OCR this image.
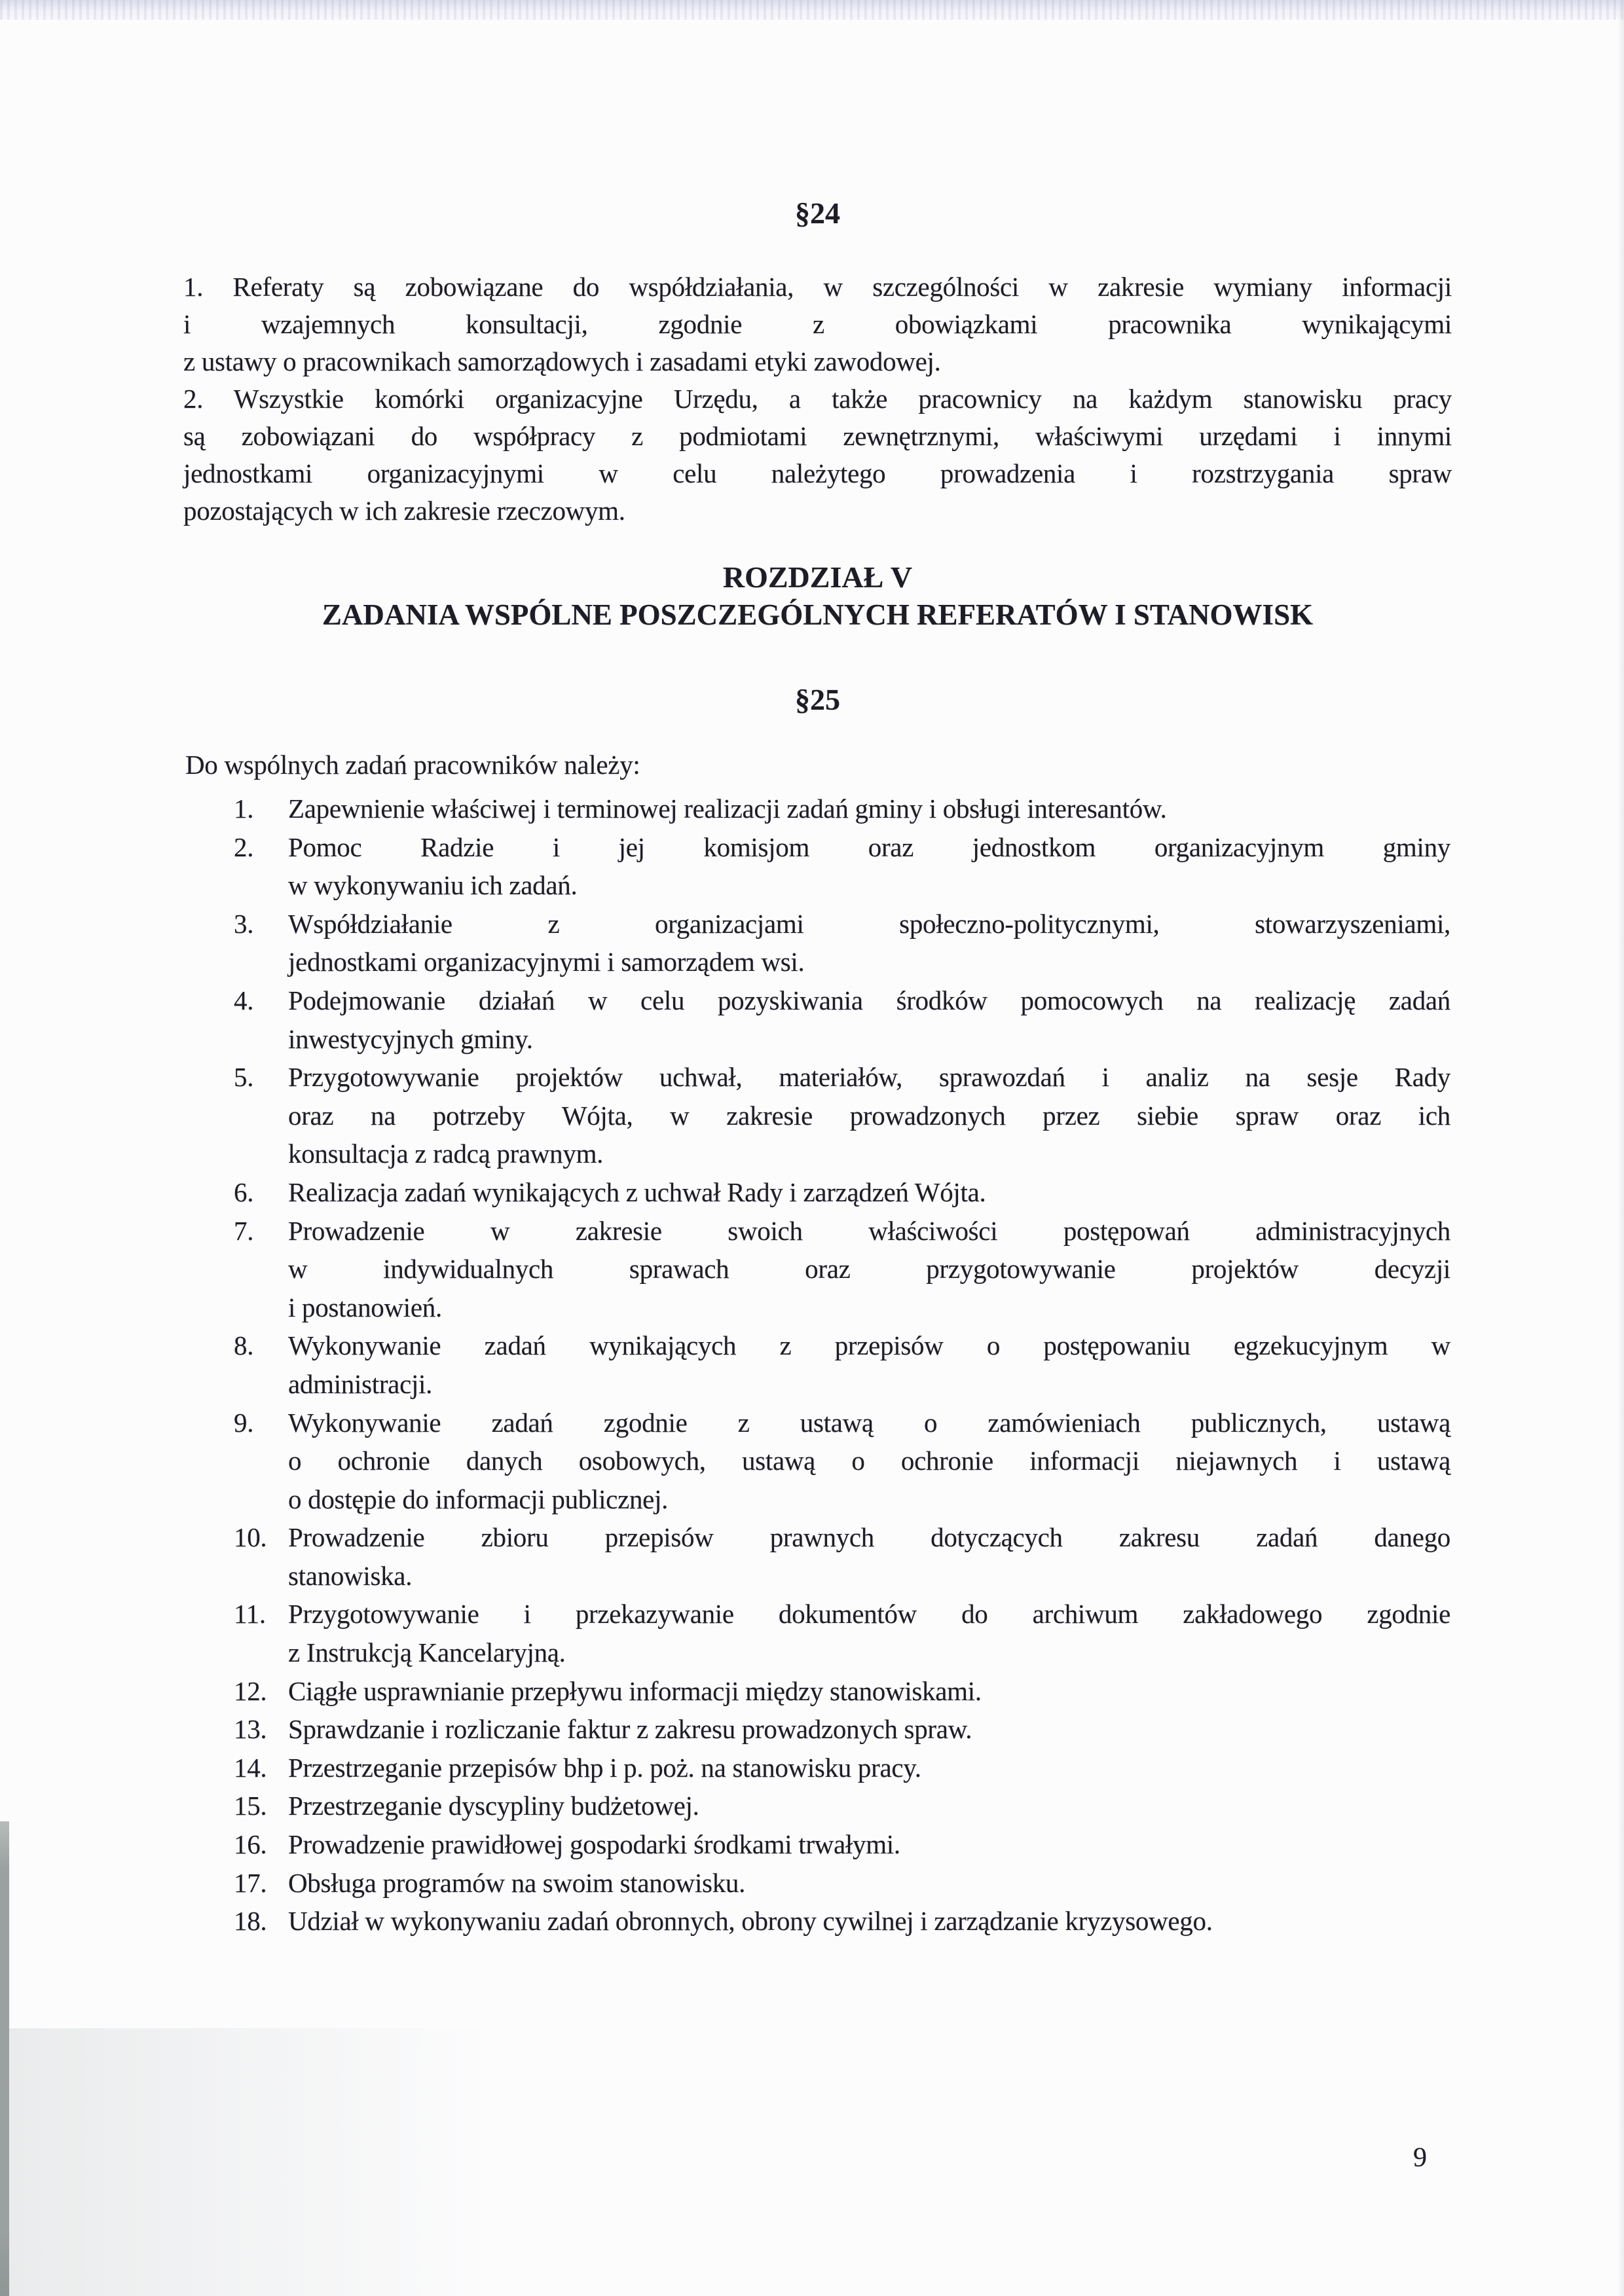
§24
1. Referaty są zobowiązane do współdziałania, w szczególności w zakresie wymiany informacji
i wzajemnych konsultacji, zgodnie z obowiązkami pracownika wynikającymi
z ustawy o pracownikach samorządowych i zasadami etyki zawodowej.
2. Wszystkie komórki organizacyjne Urzędu, a także pracownicy na każdym stanowisku pracy
są zobowiązani do współpracy z podmiotami zewnętrznymi, właściwymi urzędami i innymi
jednostkami organizacyjnymi w celu należytego prowadzenia i rozstrzygania spraw
pozostających w ich zakresie rzeczowym.
ROZDZIAŁ V
ZADANIA WSPÓLNE POSZCZEGÓLNYCH REFERATÓW I STANOWISK
§25
Do wspólnych zadań pracowników należy:
1. Zapewnienie właściwej i terminowej realizacji zadań gminy i obsługi interesantów.
2. Pomoc Radzie i jej komisjom oraz jednostkom organizacyjnym gminy
w wykonywaniu ich zadań.
3. Współdziałanie z organizacjami społeczno-politycznymi, stowarzyszeniami,
jednostkami organizacyjnymi i samorządem wsi.
4. Podejmowanie działań w celu pozyskiwania środków pomocowych na realizację zadań
inwestycyjnych gminy.
5. Przygotowywanie projektów uchwał, materiałów, sprawozdań i analiz na sesje Rady
oraz na potrzeby Wójta, w zakresie prowadzonych przez siebie spraw oraz ich
konsultacja z radcą prawnym.
6. Realizacja zadań wynikających z uchwał Rady i zarządzeń Wójta.
7. Prowadzenie w zakresie swoich właściwości postępowań administracyjnych
w indywidualnych sprawach oraz przygotowywanie projektów decyzji
i postanowień.
8. Wykonywanie zadań wynikających z przepisów o postępowaniu egzekucyjnym w
administracji.
9. Wykonywanie zadań zgodnie z ustawą o zamówieniach publicznych, ustawą
o ochronie danych osobowych, ustawą o ochronie informacji niejawnych i ustawą
o dostępie do informacji publicznej.
10. Prowadzenie zbioru przepisów prawnych dotyczących zakresu zadań danego
stanowiska.
11. Przygotowywanie i przekazywanie dokumentów do archiwum zakładowego zgodnie
z Instrukcją Kancelaryjną.
12. Ciągłe usprawnianie przepływu informacji między stanowiskami.
13. Sprawdzanie i rozliczanie faktur z zakresu prowadzonych spraw.
14. Przestrzeganie przepisów bhp i p. poż. na stanowisku pracy.
15. Przestrzeganie dyscypliny budżetowej.
16. Prowadzenie prawidłowej gospodarki środkami trwałymi.
17. Obsługa programów na swoim stanowisku.
18. Udział w wykonywaniu zadań obronnych, obrony cywilnej i zarządzanie kryzysowego.
9
